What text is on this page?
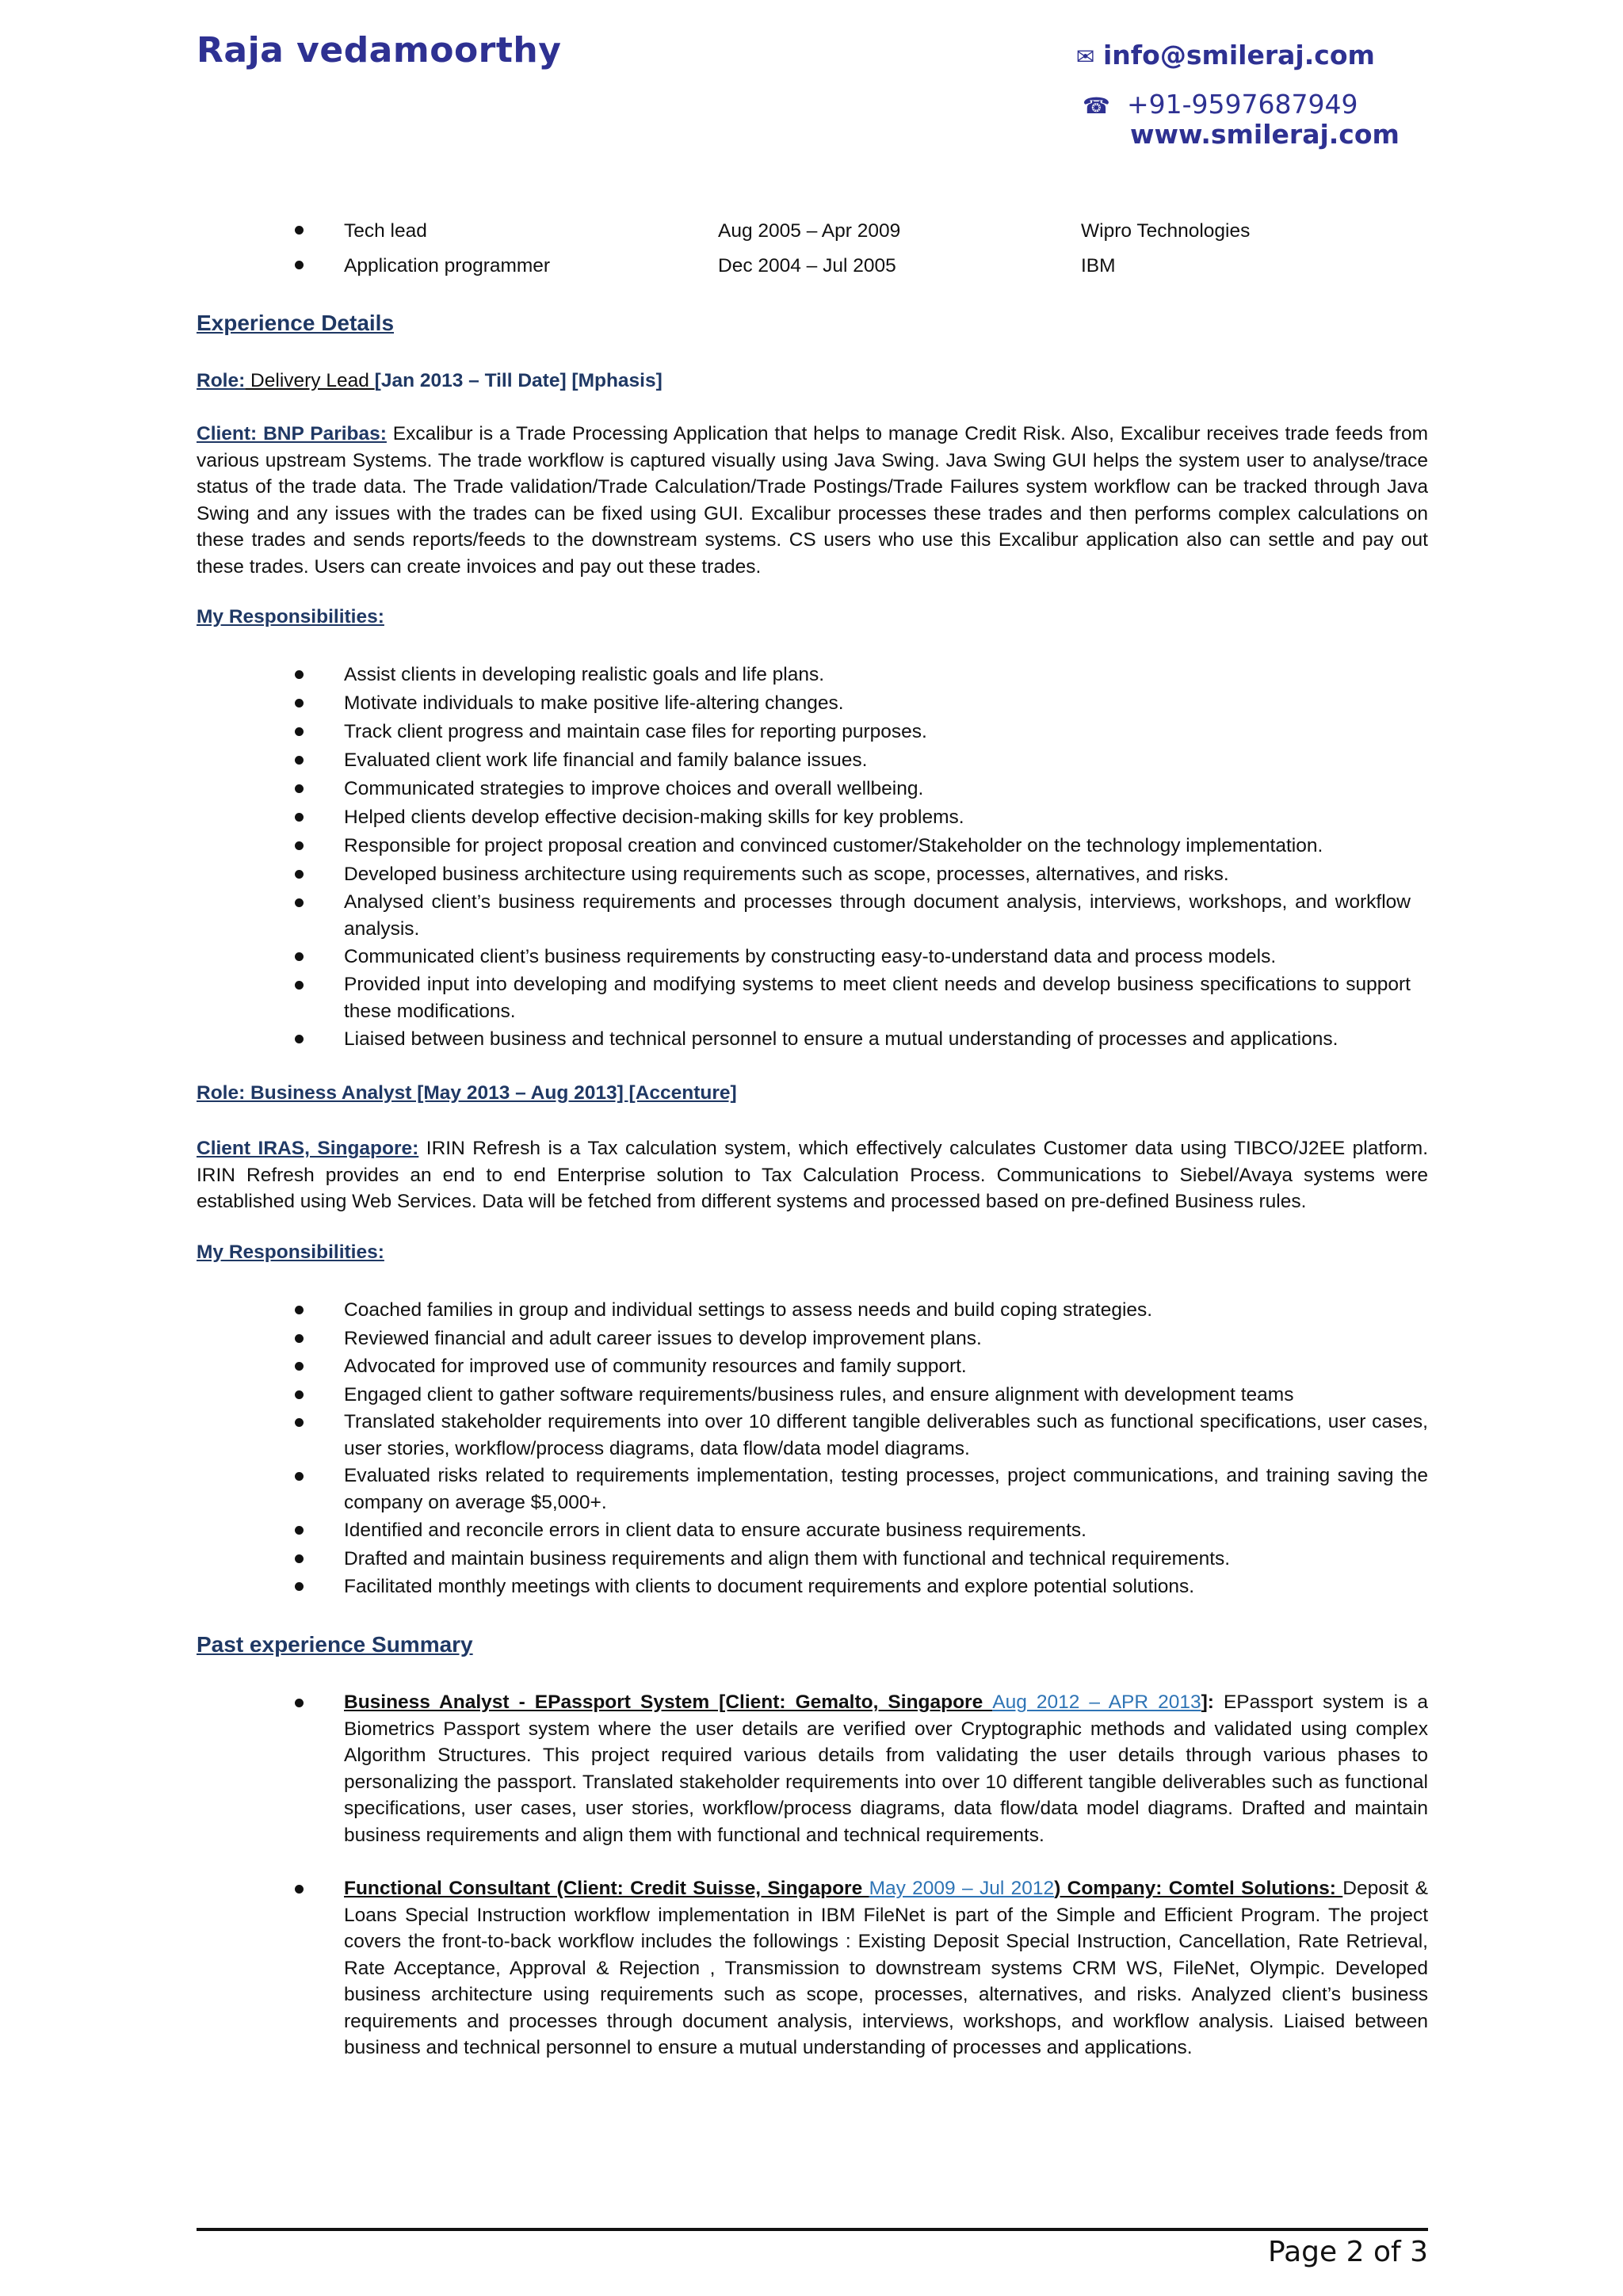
Raja vedamoorthy	✉ info@smileraj.com
☎ +91-9597687949
www.smileraj.com
Tech lead	Aug 2005 – Apr 2009	Wipro Technologies
Application programmer	Dec 2004 – Jul 2005	IBM
Experience Details
Role: Delivery Lead [Jan 2013 – Till Date] [Mphasis]
Client: BNP Paribas: Excalibur is a Trade Processing Application that helps to manage Credit Risk. Also, Excalibur receives trade feeds from various upstream Systems. The trade workflow is captured visually using Java Swing. Java Swing GUI helps the system user to analyse/trace status of the trade data. The Trade validation/Trade Calculation/Trade Postings/Trade Failures system workflow can be tracked through Java Swing and any issues with the trades can be fixed using GUI. Excalibur processes these trades and then performs complex calculations on these trades and sends reports/feeds to the downstream systems. CS users who use this Excalibur application also can settle and pay out these trades. Users can create invoices and pay out these trades.
My Responsibilities:
Assist clients in developing realistic goals and life plans.
Motivate individuals to make positive life-altering changes.
Track client progress and maintain case files for reporting purposes.
Evaluated client work life financial and family balance issues.
Communicated strategies to improve choices and overall wellbeing.
Helped clients develop effective decision-making skills for key problems.
Responsible for project proposal creation and convinced customer/Stakeholder on the technology implementation.
Developed business architecture using requirements such as scope, processes, alternatives, and risks.
Analysed client’s business requirements and processes through document analysis, interviews, workshops, and workflow analysis.
Communicated client’s business requirements by constructing easy-to-understand data and process models.
Provided input into developing and modifying systems to meet client needs and develop business specifications to support these modifications.
Liaised between business and technical personnel to ensure a mutual understanding of processes and applications.
Role: Business Analyst [May 2013 – Aug 2013] [Accenture]
Client IRAS, Singapore: IRIN Refresh is a Tax calculation system, which effectively calculates Customer data using TIBCO/J2EE platform. IRIN Refresh provides an end to end Enterprise solution to Tax Calculation Process. Communications to Siebel/Avaya systems were established using Web Services. Data will be fetched from different systems and processed based on pre-defined Business rules.
My Responsibilities:
Coached families in group and individual settings to assess needs and build coping strategies.
Reviewed financial and adult career issues to develop improvement plans.
Advocated for improved use of community resources and family support.
Engaged client to gather software requirements/business rules, and ensure alignment with development teams
Translated stakeholder requirements into over 10 different tangible deliverables such as functional specifications, user cases, user stories, workflow/process diagrams, data flow/data model diagrams.
Evaluated risks related to requirements implementation, testing processes, project communications, and training saving the company on average $5,000+.
Identified and reconcile errors in client data to ensure accurate business requirements.
Drafted and maintain business requirements and align them with functional and technical requirements.
Facilitated monthly meetings with clients to document requirements and explore potential solutions.
Past experience Summary
Business Analyst - EPassport System [Client: Gemalto, Singapore Aug 2012 – APR 2013]: EPassport system is a Biometrics Passport system where the user details are verified over Cryptographic methods and validated using complex Algorithm Structures. This project required various details from validating the user details through various phases to personalizing the passport. Translated stakeholder requirements into over 10 different tangible deliverables such as functional specifications, user cases, user stories, workflow/process diagrams, data flow/data model diagrams. Drafted and maintain business requirements and align them with functional and technical requirements.
Functional Consultant (Client: Credit Suisse, Singapore May 2009 – Jul 2012) Company: Comtel Solutions: Deposit & Loans Special Instruction workflow implementation in IBM FileNet is part of the Simple and Efficient Program. The project covers the front-to-back workflow includes the followings : Existing Deposit Special Instruction, Cancellation, Rate Retrieval, Rate Acceptance, Approval & Rejection , Transmission to downstream systems CRM WS, FileNet, Olympic. Developed business architecture using requirements such as scope, processes, alternatives, and risks. Analyzed client’s business requirements and processes through document analysis, interviews, workshops, and workflow analysis. Liaised between business and technical personnel to ensure a mutual understanding of processes and applications.
Page 2 of 3
